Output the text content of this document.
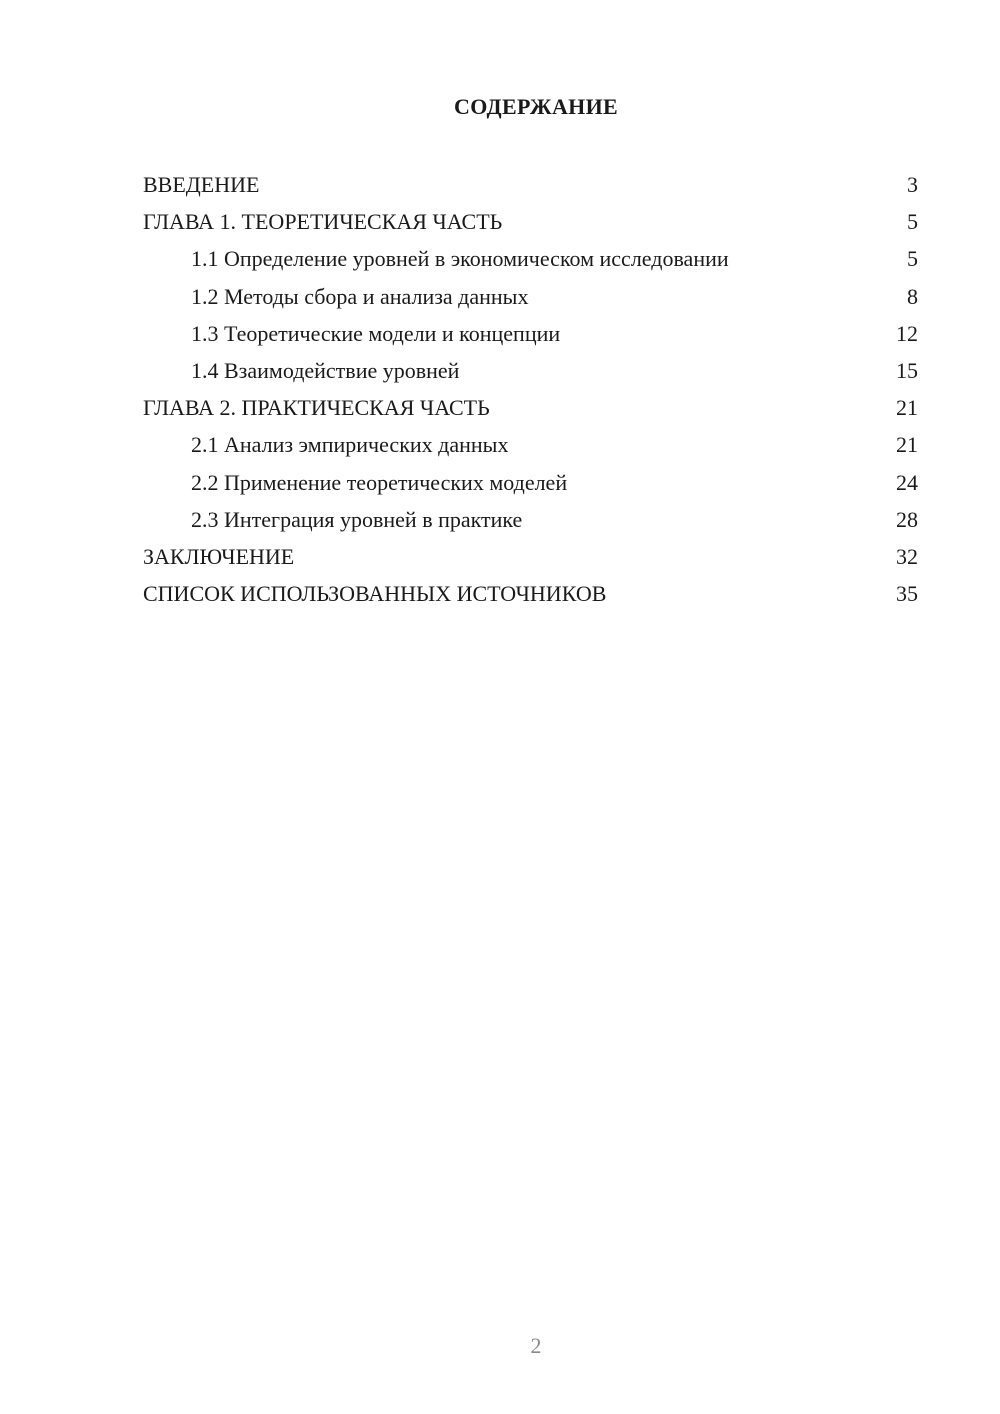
СОДЕРЖАНИЕ
ВВЕДЕНИЕ	3
ГЛАВА 1. ТЕОРЕТИЧЕСКАЯ ЧАСТЬ	5
1.1 Определение уровней в экономическом исследовании	5
1.2 Методы сбора и анализа данных	8
1.3 Теоретические модели и концепции	12
1.4 Взаимодействие уровней	15
ГЛАВА 2. ПРАКТИЧЕСКАЯ ЧАСТЬ	21
2.1 Анализ эмпирических данных	21
2.2 Применение теоретических моделей	24
2.3 Интеграция уровней в практике	28
ЗАКЛЮЧЕНИЕ	32
СПИСОК ИСПОЛЬЗОВАННЫХ ИСТОЧНИКОВ	35
2
